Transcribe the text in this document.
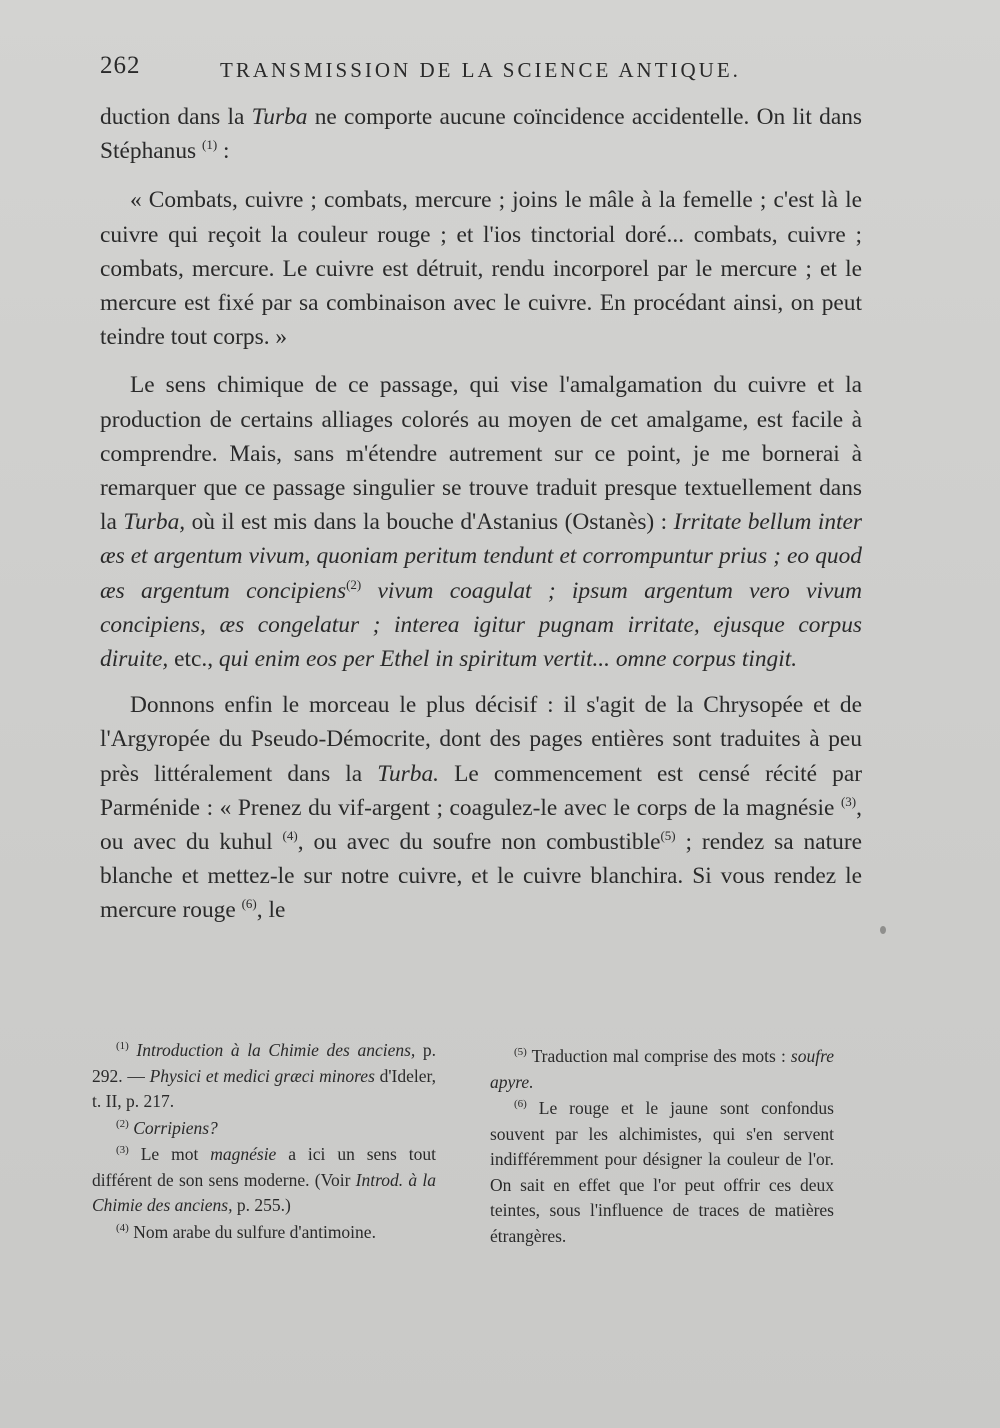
262	TRANSMISSION DE LA SCIENCE ANTIQUE.

duction dans la Turba ne comporte aucune coïncidence accidentelle. On lit dans Stéphanus $^{(1)}$ :

« Combats, cuivre ; combats, mercure ; joins le mâle à la femelle ; c'est là le cuivre qui reçoit la couleur rouge ; et l'ios tinctorial doré... combats, cuivre ; combats, mercure. Le cuivre est détruit, rendu incorporel par le mercure ; et le mercure est fixé par sa combinaison avec le cuivre. En procédant ainsi, on peut teindre tout corps. »

Le sens chimique de ce passage, qui vise l'amalgamation du cuivre et la production de certains alliages colorés au moyen de cet amalgame, est facile à comprendre. Mais, sans m'étendre autrement sur ce point, je me bornerai à remarquer que ce passage singulier se trouve traduit presque textuellement dans la Turba, où il est mis dans la bouche d'Astanius (Ostanès) : Irritate bellum inter æs et argentum vivum, quoniam peritum tendunt et corrompuntur prius ; eo quod æs argentum concipiens$^{(2)}$ vivum coagulat ; ipsum argentum vero vivum concipiens, æs congelatur ; interea igitur pugnam irritate, ejusque corpus diruite, etc., qui enim eos per Ethel in spiritum vertit... omne corpus tingit.

Donnons enfin le morceau le plus décisif : il s'agit de la Chrysopée et de l'Argyropée du Pseudo-Démocrite, dont des pages entières sont traduites à peu près littéralement dans la Turba. Le commencement est censé récité par Parménide : « Prenez du vif-argent ; coagulez-le avec le corps de la magnésie $^{(3)}$, ou avec du kuhul $^{(4)}$, ou avec du soufre non combustible$^{(5)}$ ; rendez sa nature blanche et mettez-le sur notre cuivre, et le cuivre blanchira. Si vous rendez le mercure rouge $^{(6)}$, le

$^{(1)}$ Introduction à la Chimie des anciens, p. 292. — Physici et medici græci minores d'Ideler, t. II, p. 217.

$^{(2)}$ Corripiens?

$^{(3)}$ Le mot magnésie a ici un sens tout différent de son sens moderne. (Voir Introd. à la Chimie des anciens, p. 255.)

$^{(4)}$ Nom arabe du sulfure d'antimoine.

$^{(5)}$ Traduction mal comprise des mots : soufre apyre.

$^{(6)}$ Le rouge et le jaune sont confondus souvent par les alchimistes, qui s'en servent indifféremment pour désigner la couleur de l'or. On sait en effet que l'or peut offrir ces deux teintes, sous l'influence de traces de matières étrangères.
